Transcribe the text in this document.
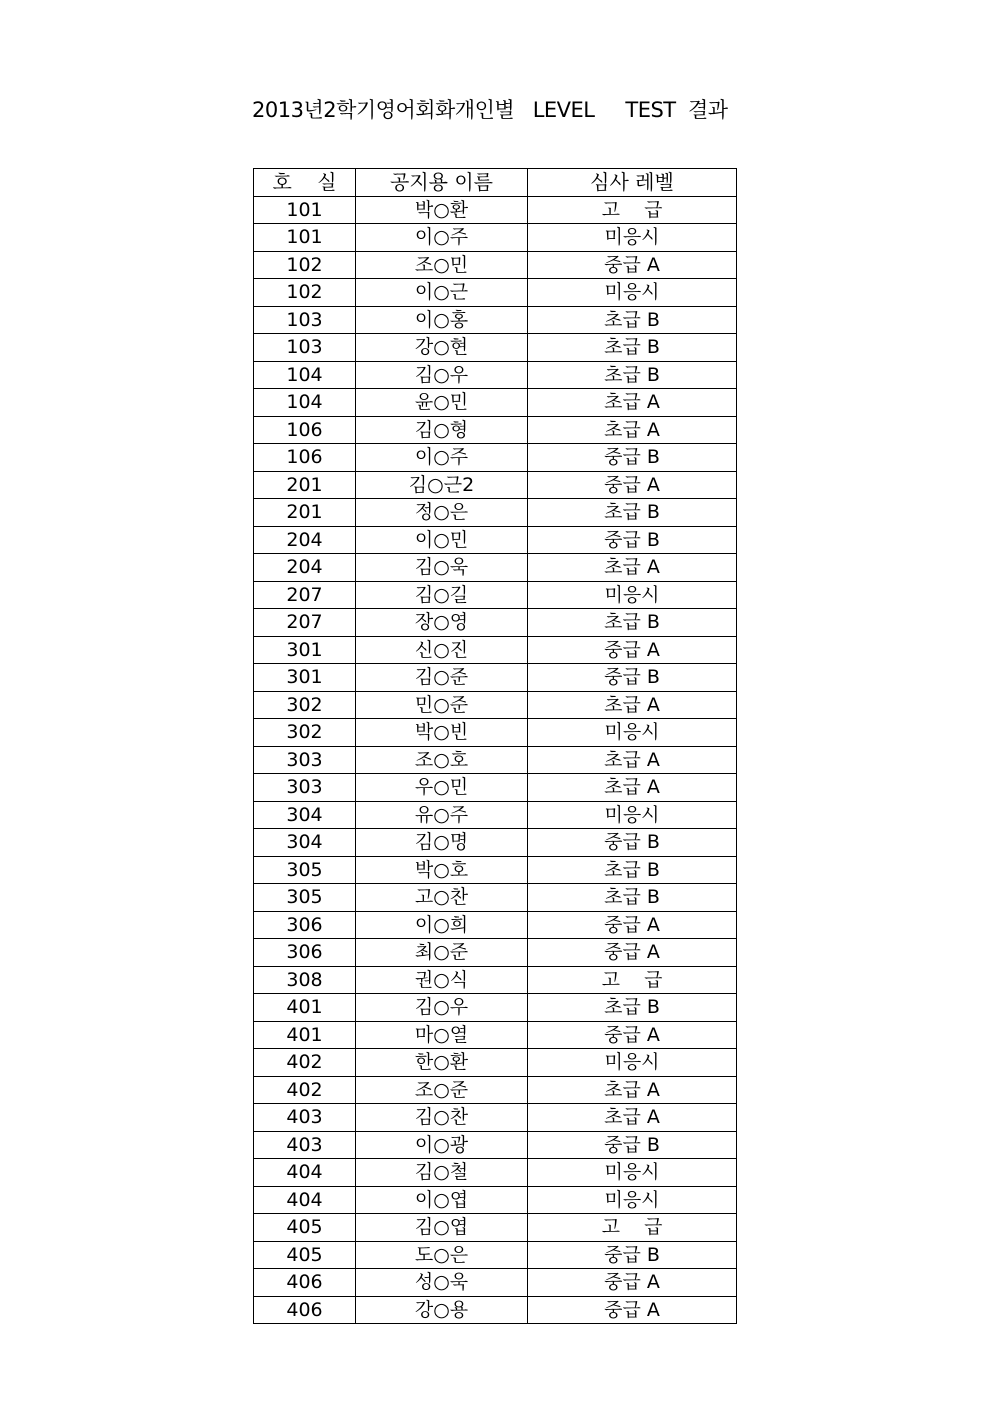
2013년2학기영어회화개인별   LEVEL     TEST  결과
호    실	공지용 이름	심사 레벨
101	박○환	고    급
101	이○주	미응시
102	조○민	중급 A
102	이○근	미응시
103	이○홍	초급 B
103	강○현	초급 B
104	김○우	초급 B
104	윤○민	초급 A
106	김○형	초급 A
106	이○주	중급 B
201	김○근2	중급 A
201	정○은	초급 B
204	이○민	중급 B
204	김○욱	초급 A
207	김○길	미응시
207	장○영	초급 B
301	신○진	중급 A
301	김○준	중급 B
302	민○준	초급 A
302	박○빈	미응시
303	조○호	초급 A
303	우○민	초급 A
304	유○주	미응시
304	김○명	중급 B
305	박○호	초급 B
305	고○찬	초급 B
306	이○희	중급 A
306	최○준	중급 A
308	권○식	고    급
401	김○우	초급 B
401	마○열	중급 A
402	한○환	미응시
402	조○준	초급 A
403	김○찬	초급 A
403	이○광	중급 B
404	김○철	미응시
404	이○엽	미응시
405	김○엽	고    급
405	도○은	중급 B
406	성○욱	중급 A
406	강○용	중급 A
